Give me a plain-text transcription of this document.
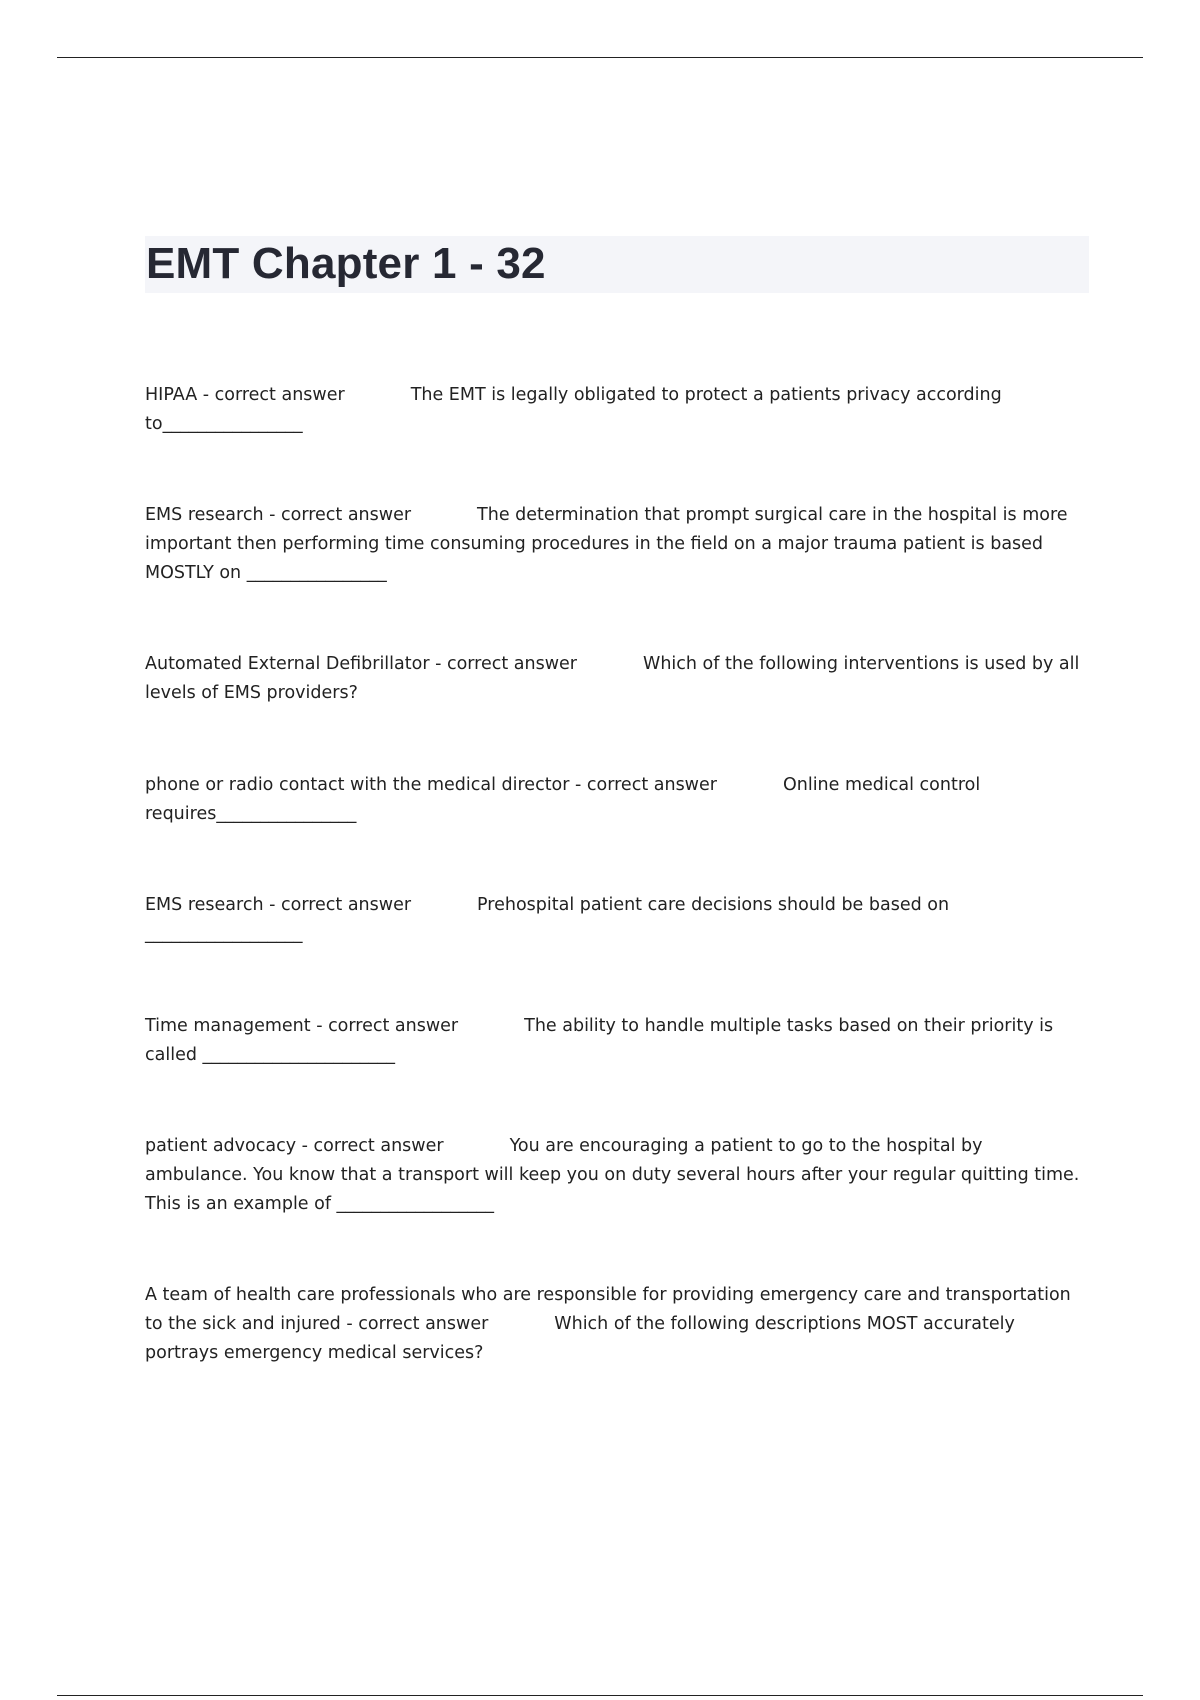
EMT Chapter 1 - 32

HIPAA - correct answer	The EMT is legally obligated to protect a patients privacy according to________________

EMS research - correct answer	The determination that prompt surgical care in the hospital is more important then performing time consuming procedures in the field on a major trauma patient is based MOSTLY on ________________

Automated External Defibrillator - correct answer	Which of the following interventions is used by all levels of EMS providers?

phone or radio contact with the medical director - correct answer	Online medical control requires________________

EMS research - correct answer	Prehospital patient care decisions should be based on __________________

Time management - correct answer	The ability to handle multiple tasks based on their priority is called ______________________

patient advocacy - correct answer	You are encouraging a patient to go to the hospital by ambulance. You know that a transport will keep you on duty several hours after your regular quitting time. This is an example of __________________

A team of health care professionals who are responsible for providing emergency care and transportation to the sick and injured - correct answer	Which of the following descriptions MOST accurately portrays emergency medical services?
